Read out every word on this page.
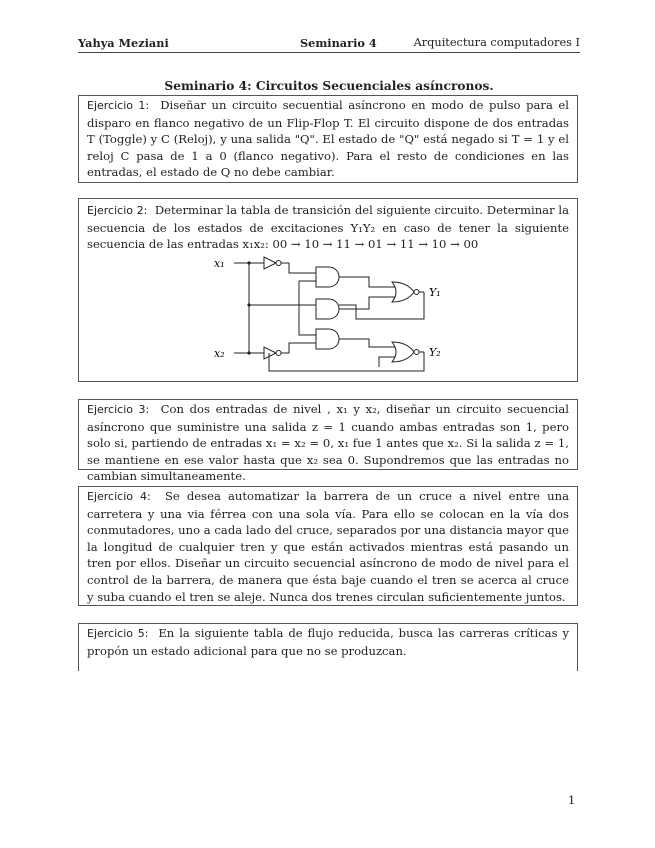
Yahya Meziani	Seminario 4	Arquitectura computadores I
Seminario 4: Circuitos Secuenciales asíncronos.

Ejercicio 1: Diseñar un circuito secuential asíncrono en modo de pulso para el disparo en flanco negativo de un Flip-Flop T. El circuito dispone de dos entradas T (Toggle) y C (Reloj), y una salida "Q". El estado de "Q" está negado si T = 1 y el reloj C pasa de 1 a 0 (flanco negativo). Para el resto de condiciones en las entradas, el estado de Q no debe cambiar.

Ejercicio 2: Determinar la tabla de transición del siguiente circuito. Determinar la secuencia de los estados de excitaciones Y₁Y₂ en caso de tener la siguiente secuencia de las entradas x₁x₂: 00 → 10 → 11 → 01 → 11 → 10 → 00

x₁
x₂
Y₁
Y₂

Ejercicio 3: Con dos entradas de nivel , x₁ y x₂, diseñar un circuito secuencial asíncrono que suministre una salida z = 1 cuando ambas entradas son 1, pero solo si, partiendo de entradas x₁ = x₂ = 0, x₁ fue 1 antes que x₂. Si la salida z = 1, se mantiene en ese valor hasta que x₂ sea 0. Supondremos que las entradas no cambian simultaneamente.

Ejercicio 4: Se desea automatizar la barrera de un cruce a nivel entre una carretera y una via férrea con una sola vía. Para ello se colocan en la vía dos conmutadores, uno a cada lado del cruce, separados por una distancia mayor que la longitud de cualquier tren y que están activados mientras está pasando un tren por ellos. Diseñar un circuito secuencial asíncrono de modo de nivel para el control de la barrera, de manera que ésta baje cuando el tren se acerca al cruce y suba cuando el tren se aleje. Nunca dos trenes circulan suficientemente juntos.

Ejercicio 5: En la siguiente tabla de flujo reducida, busca las carreras críticas y propón un estado adicional para que no se produzcan.

1
